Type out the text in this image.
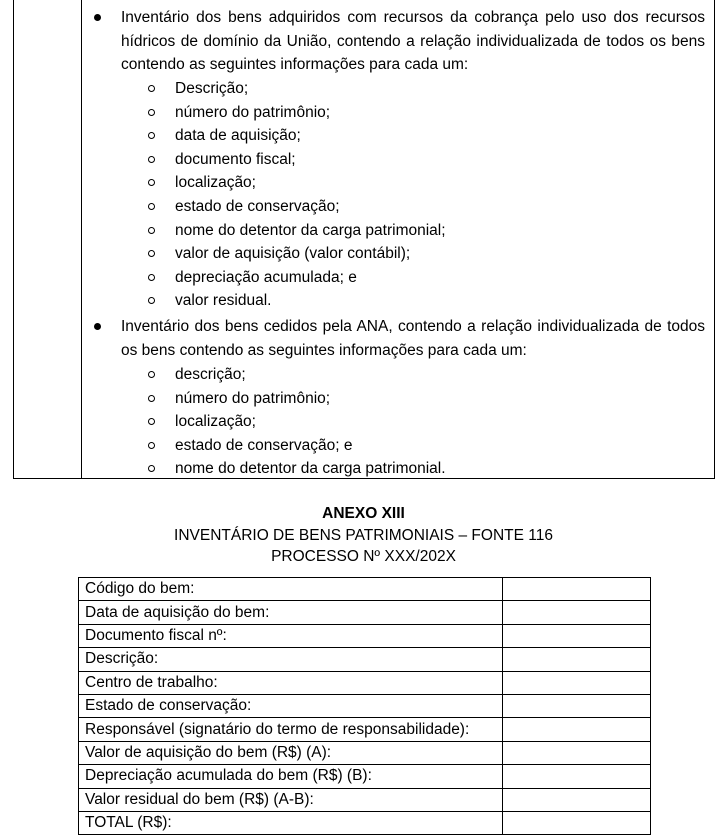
Inventário dos bens adquiridos com recursos da cobrança pelo uso dos recursos hídricos de domínio da União, contendo a relação individualizada de todos os bens contendo as seguintes informações para cada um:
Descrição;
número do patrimônio;
data de aquisição;
documento fiscal;
localização;
estado de conservação;
nome do detentor da carga patrimonial;
valor de aquisição (valor contábil);
depreciação acumulada; e
valor residual.
Inventário dos bens cedidos pela ANA, contendo a relação individualizada de todos os bens contendo as seguintes informações para cada um:
descrição;
número do patrimônio;
localização;
estado de conservação; e
nome do detentor da carga patrimonial.
ANEXO XIII
INVENTÁRIO DE BENS PATRIMONIAIS – FONTE 116
PROCESSO Nº XXX/202X
Código do bem:	
Data de aquisição do bem:	
Documento fiscal nº:	
Descrição:	
Centro de trabalho:	
Estado de conservação:	
Responsável (signatário do termo de responsabilidade):	
Valor de aquisição do bem (R$) (A):	
Depreciação acumulada do bem (R$) (B):	
Valor residual do bem (R$) (A-B):	
TOTAL (R$):	
